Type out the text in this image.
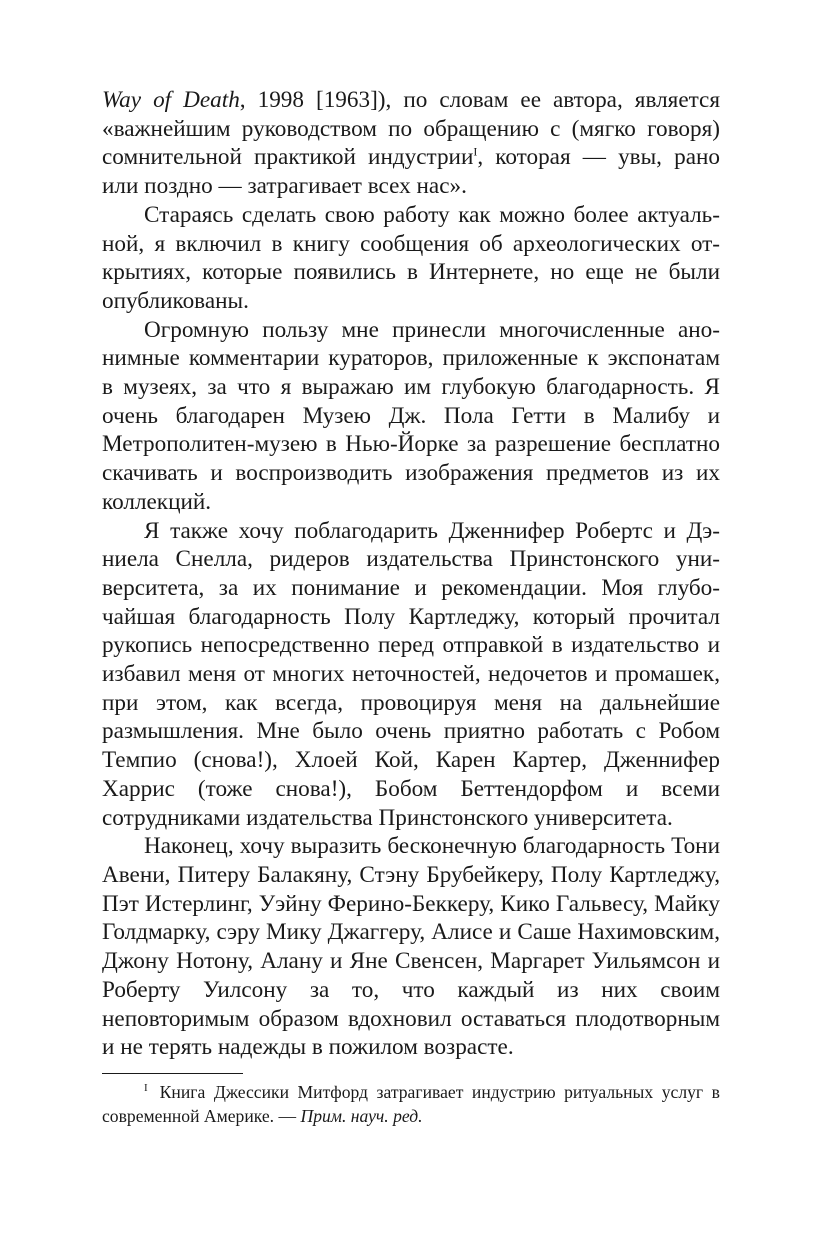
Way of Death, 1998 [1963]), по словам ее автора, является «важнейшим руководством по обращению с (мягко говоря) сомнительной практикой индустрии$^I$, которая — увы, рано или поздно — затрагивает всех нас».

Стараясь сделать свою работу как можно более актуальной, я включил в книгу сообщения об археологических открытиях, которые появились в Интернете, но еще не были опубликованы.

Огромную пользу мне принесли многочисленные анонимные комментарии кураторов, приложенные к экспонатам в музеях, за что я выражаю им глубокую благодарность. Я очень благодарен Музею Дж. Пола Гетти в Малибу и Метрополитен-музею в Нью-Йорке за разрешение бесплатно скачивать и воспроизводить изображения предметов из их коллекций.

Я также хочу поблагодарить Дженнифер Робертс и Дэниела Снелла, ридеров издательства Принстонского университета, за их понимание и рекомендации. Моя глубочайшая благодарность Полу Картледжу, который прочитал рукопись непосредственно перед отправкой в издательство и избавил меня от многих неточностей, недочетов и промашек, при этом, как всегда, провоцируя меня на дальнейшие размышления. Мне было очень приятно работать с Робом Темпио (снова!), Хлоей Кой, Карен Картер, Дженнифер Харрис (тоже снова!), Бобом Беттендорфом и всеми сотрудниками издательства Принстонского университета.

Наконец, хочу выразить бесконечную благодарность Тони Авени, Питеру Балакяну, Стэну Брубейкеру, Полу Картледжу, Пэт Истерлинг, Уэйну Ферино-Беккеру, Кико Гальвесу, Майку Голдмарку, сэру Мику Джаггеру, Алисе и Саше Нахимовским, Джону Нотону, Алану и Яне Свенсен, Маргарет Уильямсон и Роберту Уилсону за то, что каждый из них своим неповторимым образом вдохновил оставаться плодотворным и не терять надежды в пожилом возрасте.

$^I$ Книга Джессики Митфорд затрагивает индустрию ритуальных услуг в современной Америке. — Прим. науч. ред.
